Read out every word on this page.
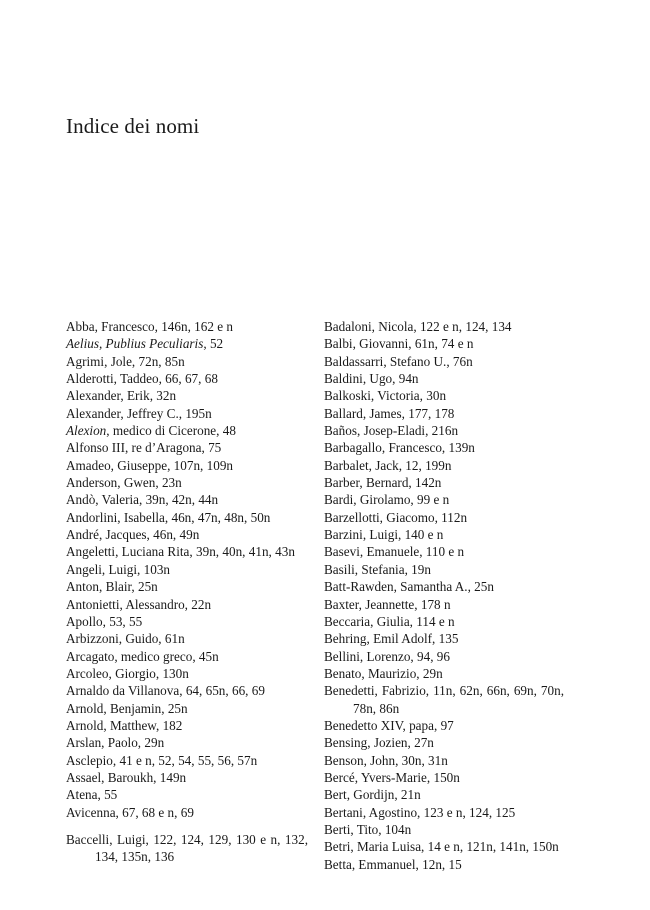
Indice dei nomi
Abba, Francesco, 146n, 162 e n
Aelius, Publius Peculiaris, 52
Agrimi, Jole, 72n, 85n
Alderotti, Taddeo, 66, 67, 68
Alexander, Erik, 32n
Alexander, Jeffrey C., 195n
Alexion, medico di Cicerone, 48
Alfonso III, re d’Aragona, 75
Amadeo, Giuseppe, 107n, 109n
Anderson, Gwen, 23n
Andò, Valeria, 39n, 42n, 44n
Andorlini, Isabella, 46n, 47n, 48n, 50n
André, Jacques, 46n, 49n
Angeletti, Luciana Rita, 39n, 40n, 41n, 43n
Angeli, Luigi, 103n
Anton, Blair, 25n
Antonietti, Alessandro, 22n
Apollo, 53, 55
Arbizzoni, Guido, 61n
Arcagato, medico greco, 45n
Arcoleo, Giorgio, 130n
Arnaldo da Villanova, 64, 65n, 66, 69
Arnold, Benjamin, 25n
Arnold, Matthew, 182
Arslan, Paolo, 29n
Asclepio, 41 e n, 52, 54, 55, 56, 57n
Assael, Baroukh, 149n
Atena, 55
Avicenna, 67, 68 e n, 69
Baccelli, Luigi, 122, 124, 129, 130 e n, 132, 134, 135n, 136
Badaloni, Nicola, 122 e n, 124, 134
Balbi, Giovanni, 61n, 74 e n
Baldassarri, Stefano U., 76n
Baldini, Ugo, 94n
Balkoski, Victoria, 30n
Ballard, James, 177, 178
Baños, Josep-Eladi, 216n
Barbagallo, Francesco, 139n
Barbalet, Jack, 12, 199n
Barber, Bernard, 142n
Bardi, Girolamo, 99 e n
Barzellotti, Giacomo, 112n
Barzini, Luigi, 140 e n
Basevi, Emanuele, 110 e n
Basili, Stefania, 19n
Batt-Rawden, Samantha A., 25n
Baxter, Jeannette, 178 n
Beccaria, Giulia, 114 e n
Behring, Emil Adolf, 135
Bellini, Lorenzo, 94, 96
Benato, Maurizio, 29n
Benedetti, Fabrizio, 11n, 62n, 66n, 69n, 70n, 78n, 86n
Benedetto XIV, papa, 97
Bensing, Jozien, 27n
Benson, John, 30n, 31n
Bercé, Yvers-Marie, 150n
Bert, Gordijn, 21n
Bertani, Agostino, 123 e n, 124, 125
Berti, Tito, 104n
Betri, Maria Luisa, 14 e n, 121n, 141n, 150n
Betta, Emmanuel, 12n, 15
